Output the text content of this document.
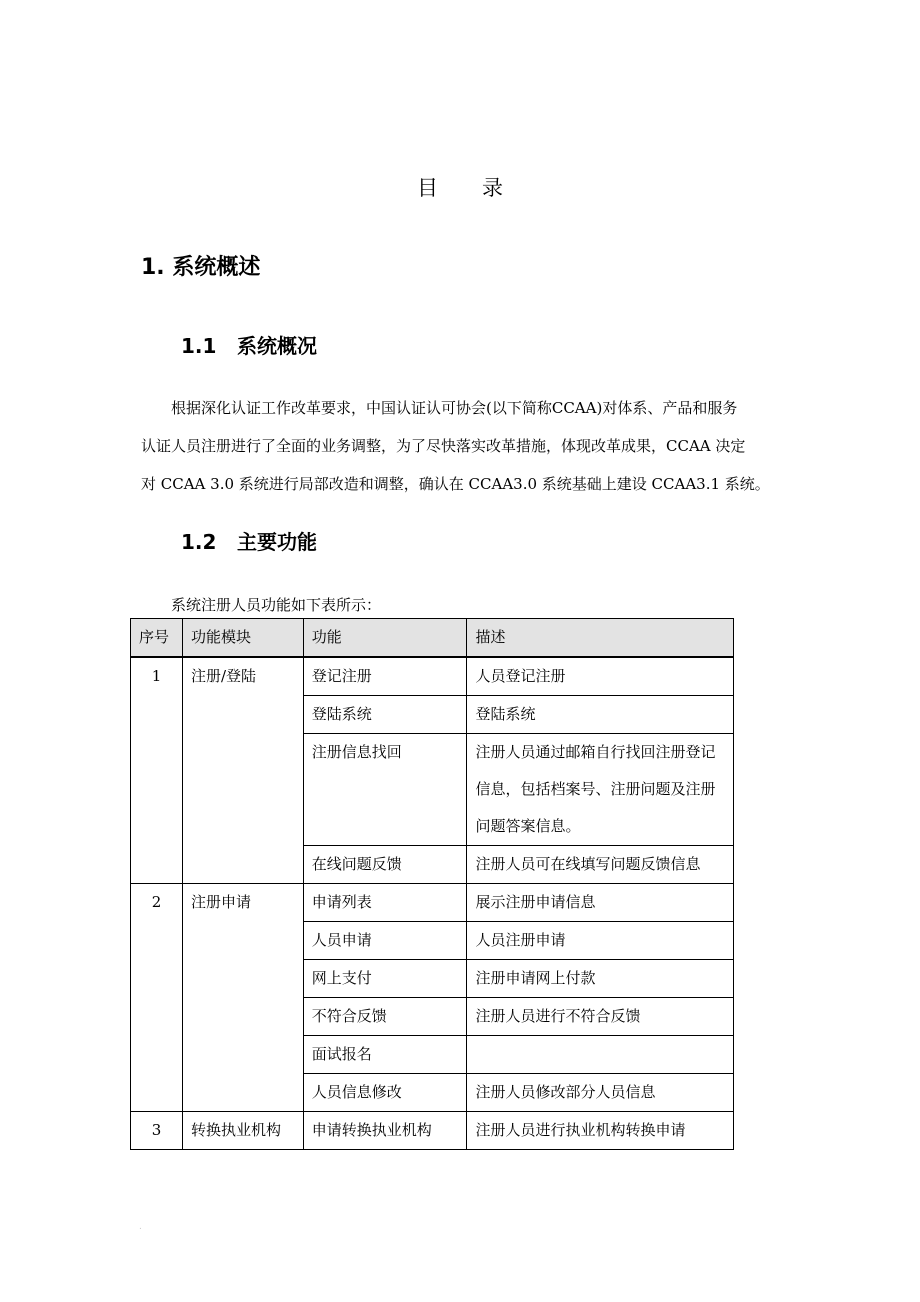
目录
1. 系统概述
1.1 系统概况
根据深化认证工作改革要求，中国认证认可协会(以下简称CCAA)对体系、产品和服务
认证人员注册进行了全面的业务调整，为了尽快落实改革措施，体现改革成果，CCAA 决定
对 CCAA 3.0 系统进行局部改造和调整，确认在 CCAA3.0 系统基础上建设 CCAA3.1 系统。
1.2 主要功能
系统注册人员功能如下表所示：
序号	功能模块	功能	描述

1	注册/登陆	登记注册	人员登记注册
		登陆系统	登陆系统
		注册信息找回	注册人员通过邮箱自行找回注册登记信息，包括档案号、注册问题及注册问题答案信息。
		在线问题反馈	注册人员可在线填写问题反馈信息
2	注册申请	申请列表	展示注册申请信息
		人员申请	人员注册申请
		网上支付	注册申请网上付款
		不符合反馈	注册人员进行不符合反馈
		面试报名	
		人员信息修改	注册人员修改部分人员信息
3	转换执业机构	申请转换执业机构	注册人员进行执业机构转换申请
.
